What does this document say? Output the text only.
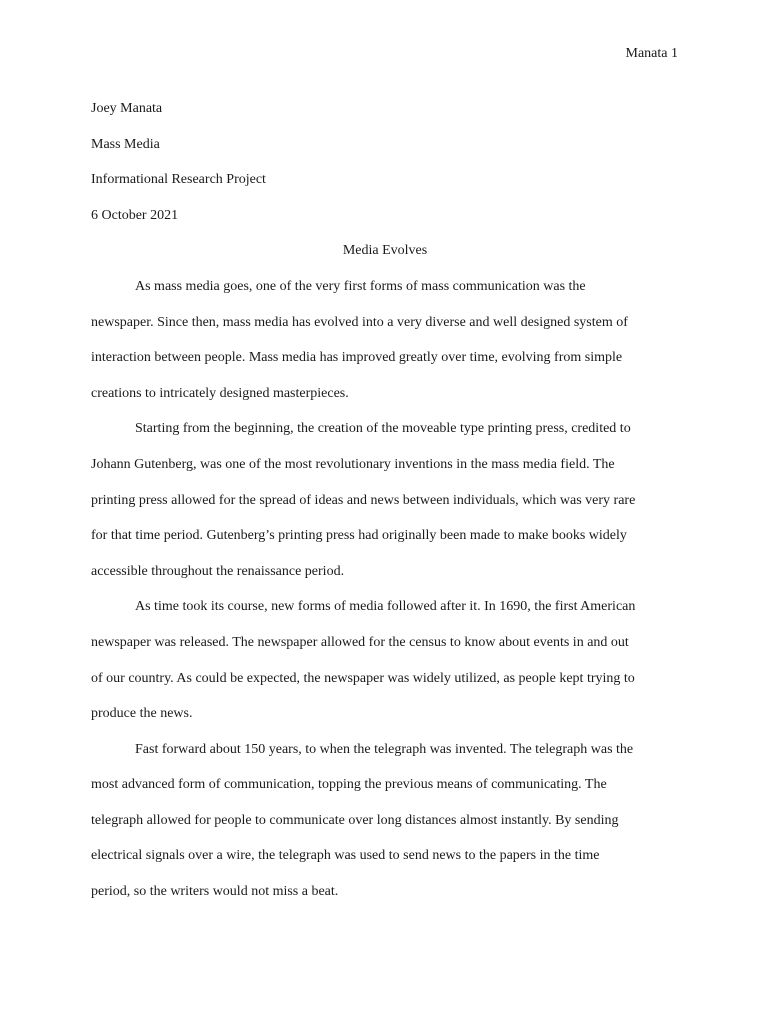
Manata 1

Joey Manata

Mass Media

Informational Research Project

6 October 2021

Media Evolves

As mass media goes, one of the very first forms of mass communication was the
newspaper. Since then, mass media has evolved into a very diverse and well designed system of
interaction between people. Mass media has improved greatly over time, evolving from simple
creations to intricately designed masterpieces.
Starting from the beginning, the creation of the moveable type printing press, credited to
Johann Gutenberg, was one of the most revolutionary inventions in the mass media field. The
printing press allowed for the spread of ideas and news between individuals, which was very rare
for that time period. Gutenberg’s printing press had originally been made to make books widely
accessible throughout the renaissance period.
As time took its course, new forms of media followed after it. In 1690, the first American
newspaper was released. The newspaper allowed for the census to know about events in and out
of our country. As could be expected, the newspaper was widely utilized, as people kept trying to
produce the news.
Fast forward about 150 years, to when the telegraph was invented. The telegraph was the
most advanced form of communication, topping the previous means of communicating. The
telegraph allowed for people to communicate over long distances almost instantly. By sending
electrical signals over a wire, the telegraph was used to send news to the papers in the time
period, so the writers would not miss a beat.
